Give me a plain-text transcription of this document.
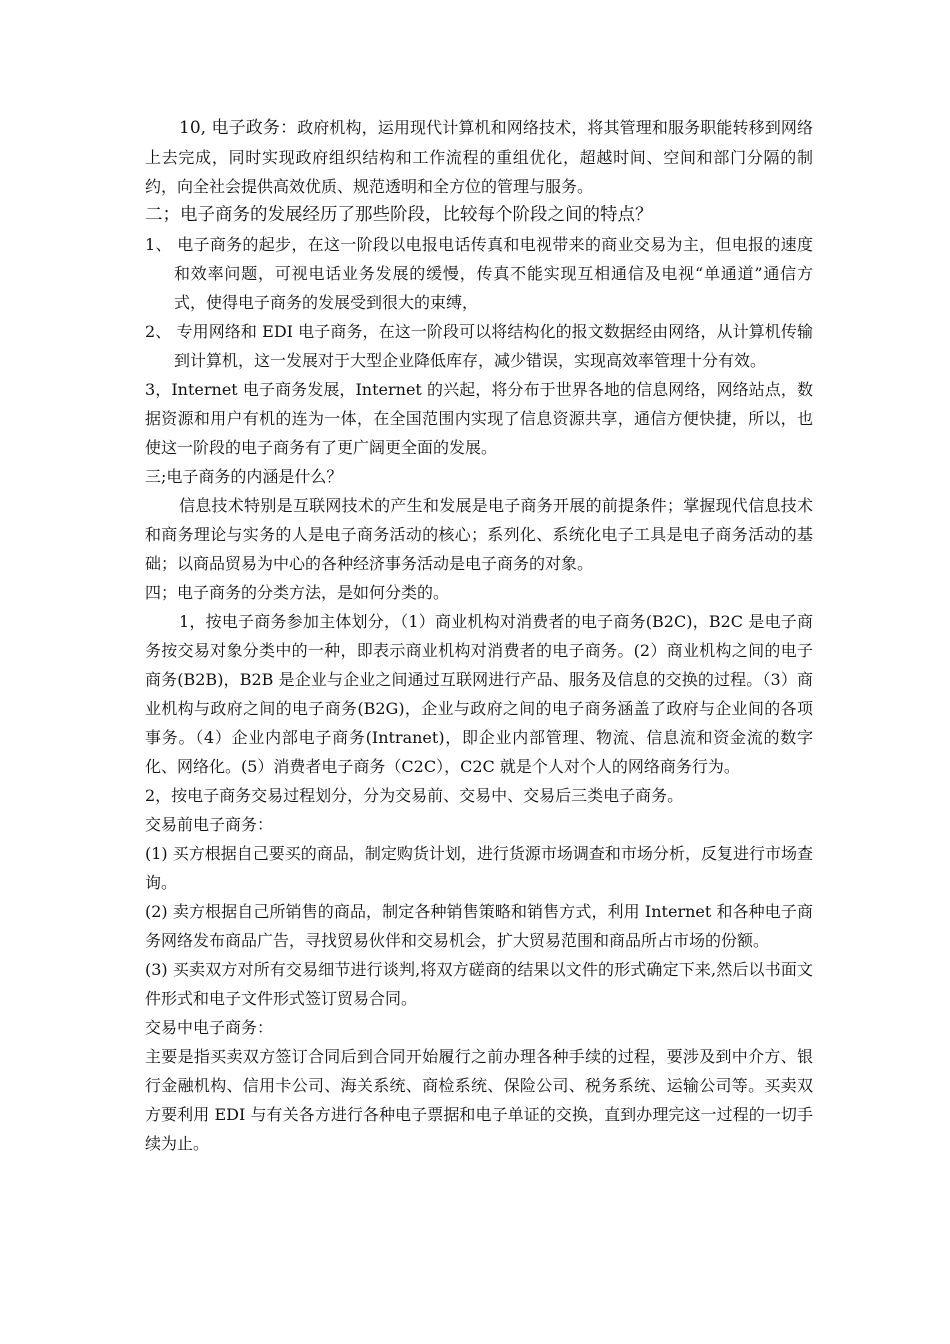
10, 电子政务：政府机构，运用现代计算机和网络技术，将其管理和服务职能转移到网络上去完成，同时实现政府组织结构和工作流程的重组优化，超越时间、空间和部门分隔的制约，向全社会提供高效优质、规范透明和全方位的管理与服务。

二；电子商务的发展经历了那些阶段，比较每个阶段之间的特点？

1、 电子商务的起步，在这一阶段以电报电话传真和电视带来的商业交易为主，但电报的速度和效率问题，可视电话业务发展的缓慢，传真不能实现互相通信及电视“单通道”通信方式，使得电子商务的发展受到很大的束缚，

2、 专用网络和 EDI 电子商务，在这一阶段可以将结构化的报文数据经由网络，从计算机传输到计算机，这一发展对于大型企业降低库存，减少错误，实现高效率管理十分有效。

3，Internet 电子商务发展，Internet 的兴起，将分布于世界各地的信息网络，网络站点，数据资源和用户有机的连为一体，在全国范围内实现了信息资源共享，通信方便快捷，所以，也使这一阶段的电子商务有了更广阔更全面的发展。

三;电子商务的内涵是什么？

信息技术特别是互联网技术的产生和发展是电子商务开展的前提条件；掌握现代信息技术和商务理论与实务的人是电子商务活动的核心；系列化、系统化电子工具是电子商务活动的基础；以商品贸易为中心的各种经济事务活动是电子商务的对象。

四；电子商务的分类方法，是如何分类的。

1，按电子商务参加主体划分，（1）商业机构对消费者的电子商务(B2C)，B2C 是电子商务按交易对象分类中的一种，即表示商业机构对消费者的电子商务。(2）商业机构之间的电子商务(B2B)，B2B 是企业与企业之间通过互联网进行产品、服务及信息的交换的过程。（3）商业机构与政府之间的电子商务(B2G)，企业与政府之间的电子商务涵盖了政府与企业间的各项事务。（4）企业内部电子商务(Intranet)，即企业内部管理、物流、信息流和资金流的数字化、网络化。(5）消费者电子商务（C2C），C2C 就是个人对个人的网络商务行为。

2，按电子商务交易过程划分，分为交易前、交易中、交易后三类电子商务。

交易前电子商务：

(1) 买方根据自己要买的商品，制定购货计划，进行货源市场调查和市场分析，反复进行市场查询。

(2) 卖方根据自己所销售的商品，制定各种销售策略和销售方式，利用 Internet 和各种电子商务网络发布商品广告，寻找贸易伙伴和交易机会，扩大贸易范围和商品所占市场的份额。

(3) 买卖双方对所有交易细节进行谈判,将双方磋商的结果以文件的形式确定下来,然后以书面文件形式和电子文件形式签订贸易合同。

交易中电子商务：

主要是指买卖双方签订合同后到合同开始履行之前办理各种手续的过程，要涉及到中介方、银行金融机构、信用卡公司、海关系统、商检系统、保险公司、税务系统、运输公司等。买卖双方要利用 EDI 与有关各方进行各种电子票据和电子单证的交换，直到办理完这一过程的一切手续为止。
